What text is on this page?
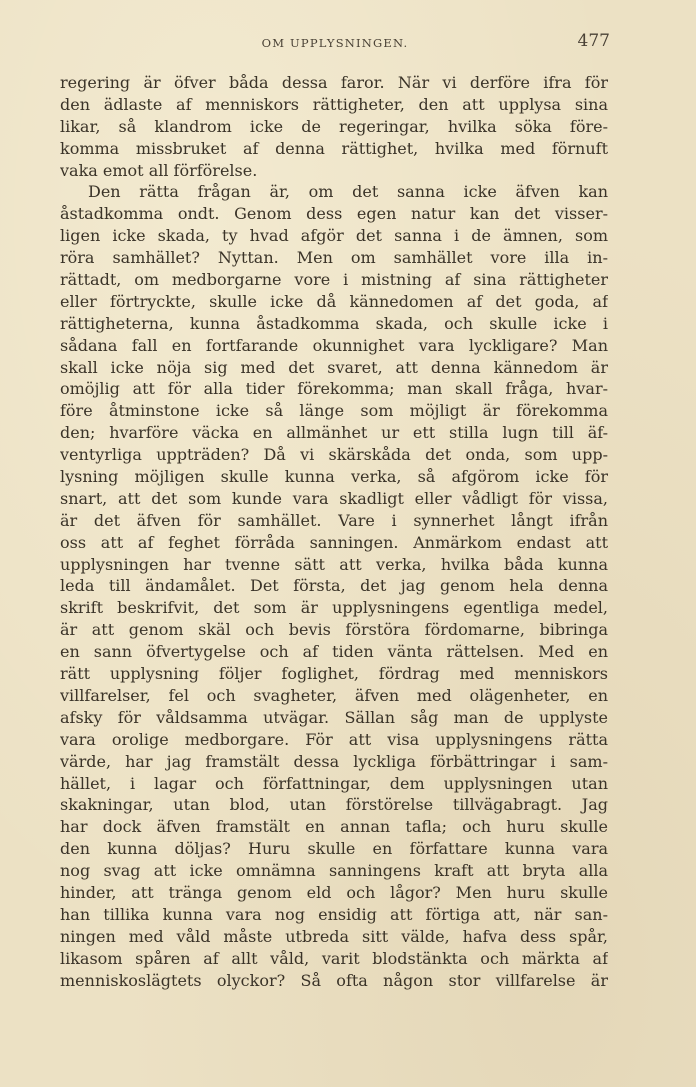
OM UPPLYSNINGEN.	477
regering är öfver båda dessa faror. När vi derföre ifra för
den ädlaste af menniskors rättigheter, den att upplysa sina
likar, så klandrom icke de regeringar, hvilka söka före-
komma missbruket af denna rättighet, hvilka med förnuft
vaka emot all förförelse.
Den rätta frågan är, om det sanna icke äfven kan
åstadkomma ondt. Genom dess egen natur kan det visser-
ligen icke skada, ty hvad afgör det sanna i de ämnen, som
röra samhället? Nyttan. Men om samhället vore illa in-
rättadt, om medborgarne vore i mistning af sina rättigheter
eller förtryckte, skulle icke då kännedomen af det goda, af
rättigheterna, kunna åstadkomma skada, och skulle icke i
sådana fall en fortfarande okunnighet vara lyckligare? Man
skall icke nöja sig med det svaret, att denna kännedom är
omöjlig att för alla tider förekomma; man skall fråga, hvar-
före åtminstone icke så länge som möjligt är förekomma
den; hvarföre väcka en allmänhet ur ett stilla lugn till äf-
ventyrliga uppträden? Då vi skärskåda det onda, som upp-
lysning möjligen skulle kunna verka, så afgörom icke för
snart, att det som kunde vara skadligt eller vådligt för vissa,
är det äfven för samhället. Vare i synnerhet långt ifrån
oss att af feghet förråda sanningen. Anmärkom endast att
upplysningen har tvenne sätt att verka, hvilka båda kunna
leda till ändamålet. Det första, det jag genom hela denna
skrift beskrifvit, det som är upplysningens egentliga medel,
är att genom skäl och bevis förstöra fördomarne, bibringa
en sann öfvertygelse och af tiden vänta rättelsen. Med en
rätt upplysning följer foglighet, fördrag med menniskors
villfarelser, fel och svagheter, äfven med olägenheter, en
afsky för våldsamma utvägar. Sällan såg man de upplyste
vara orolige medborgare. För att visa upplysningens rätta
värde, har jag framstält dessa lyckliga förbättringar i sam-
hället, i lagar och författningar, dem upplysningen utan
skakningar, utan blod, utan förstörelse tillvägabragt. Jag
har dock äfven framstält en annan tafla; och huru skulle
den kunna döljas? Huru skulle en författare kunna vara
nog svag att icke omnämna sanningens kraft att bryta alla
hinder, att tränga genom eld och lågor? Men huru skulle
han tillika kunna vara nog ensidig att förtiga att, när san-
ningen med våld måste utbreda sitt välde, hafva dess spår,
likasom spåren af allt våld, varit blodstänkta och märkta af
menniskoslägtets olyckor? Så ofta någon stor villfarelse är
